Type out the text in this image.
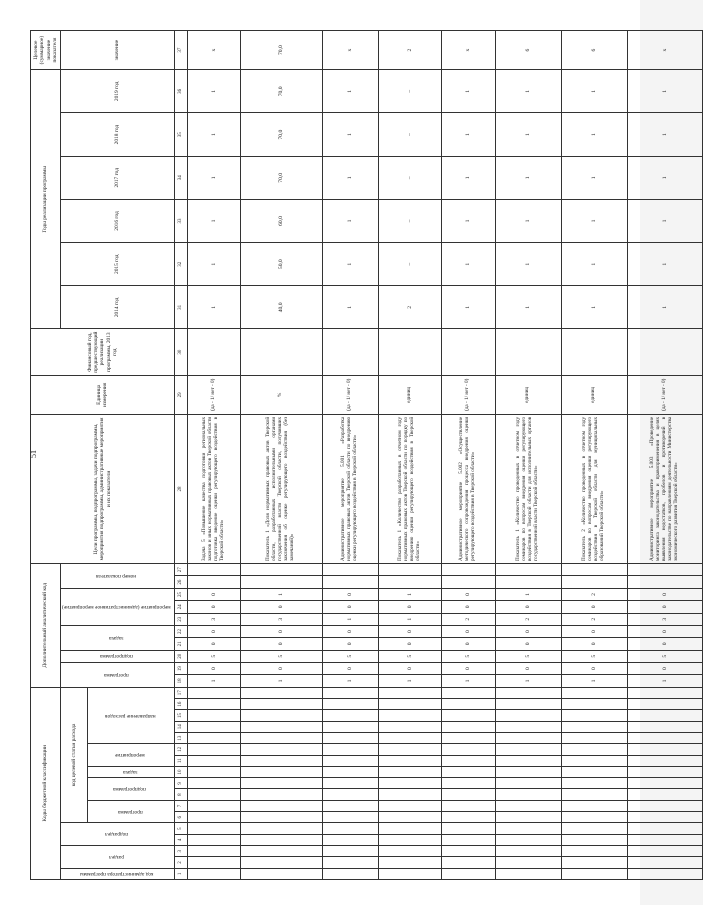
51
Коды бюджетной классификации																	Дополнительный аналитический код										Цели программы, подпрограммы, задачи подпрограммы, мероприятия подпрограммы, административные мероприятия и их показатели	Единица измерения	Финансовый год, предшествующий реализации программы, 2013 год	Годы реализации программы						Целевое (суммарное) значение показателя
код администратора программы	раздел		подраздел		код целевой статьи расхода												программа		подпрограмма	задача		мероприятие (административное мероприятие)			номер показателя					2014 год	2015 год	2016 год	2017 год	2018 год	2019 год	значение
					программа		подпрограмма		задача	мероприятие		направление расходов																								
1	2	3	4	5	6	7	8	9	10	11	12	13	14	15	16	17	18	19	20	21	22	23	24	25	26	27	28	29	30	31	32	33	34	35	36	37
																	1	0	5	0	0	3	0	0			Задача 5 «Повышение качества подготовки региональных законов и иных нормативных правовых актов Тверской области подготовка введение оценки регулирующего воздействия в Тверской области»	(да - 1/ нет - 0)		1	1	1	1	1	1	х
																	1	0	5	0	0	3	0	1			Показатель 1 «Доля нормативных правовых актов Тверской области, разработанных исполнительными органами государственной власти Тверской области, получивших заключения об оценке регулирующего воздействия (без замечаний)»	%		40,0	50,0	60,0	70,0	70,0	70,0	70,0
																	1	0	5	0	0	1	0	0			Административное мероприятие 5.001 «Разработка нормативных правовых актов Тверской области по внедрению оценки регулирующего воздействия в Тверской области»	(да - 1/ нет - 0)		1	1	1	1	1	1	х
																	1	0	5	0	0	1	0	1			Показатель 1 «Количество разработанных в отчетном году нормативных правовых актов Тверской области по порядку по внедрению оценки регулирующего воздействия в Тверской области»	единиц		2	–	–	–	–	–	2
																	1	0	5	0	0	2	0	0			Административное мероприятие 5.002 «Осуществление методического сопровождения процесса внедрения оценки регулирующего воздействия в Тверской области»	(да - 1/ нет - 0)		1	1	1	1	1	1	х
																	1	0	5	0	0	2	0	1			Показатель 1 «Количество проведенных в отчетном году семинаров по вопросам внедрения оценки регулирующего воздействия в Тверской области для исполнительных органов государственной власти Тверской области»	единиц		1	1	1	1	1	1	6
																	1	0	5	0	0	2	0	2			Показатель 2 «Количество проведенных в отчетном году семинаров по вопросам внедрения оценки регулирующего воздействия в Тверской области для муниципальных образований Тверской области»	единиц		1	1	1	1	1	1	6
																	1	0	5	0	0	3	0	0			Административное мероприятие 5.003 «Проведение мониторинга законодательства и правоприменения в целях выявления недостатков, пробелов и противоречий в законодательстве по направлениям деятельности Министерства экономического развития Тверской области»	(да - 1/ нет - 0)		1	1	1	1	1	1	х
